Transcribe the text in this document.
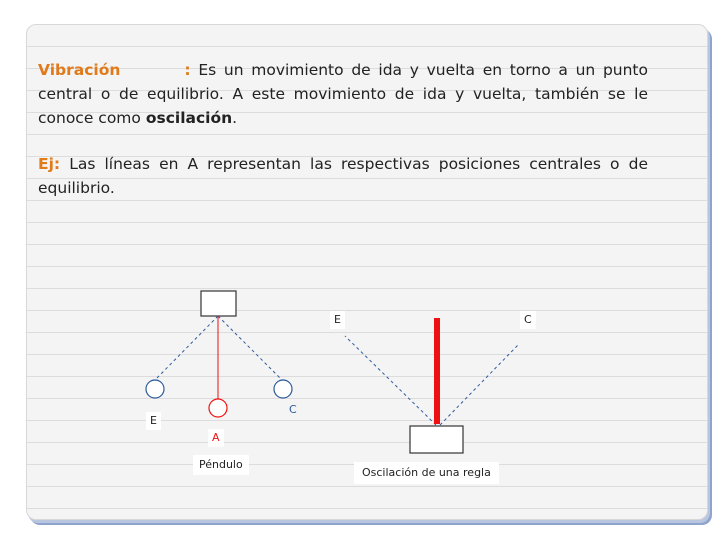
Vibración	: Es un movimiento de ida y vuelta en torno a un punto central o de equilibrio. A este movimiento de ida y vuelta, también se le conoce como oscilación.
Ej: Las líneas en A representan las respectivas posiciones centrales o de equilibrio.
E
A
C
Péndulo
E	C
Oscilación de una regla
